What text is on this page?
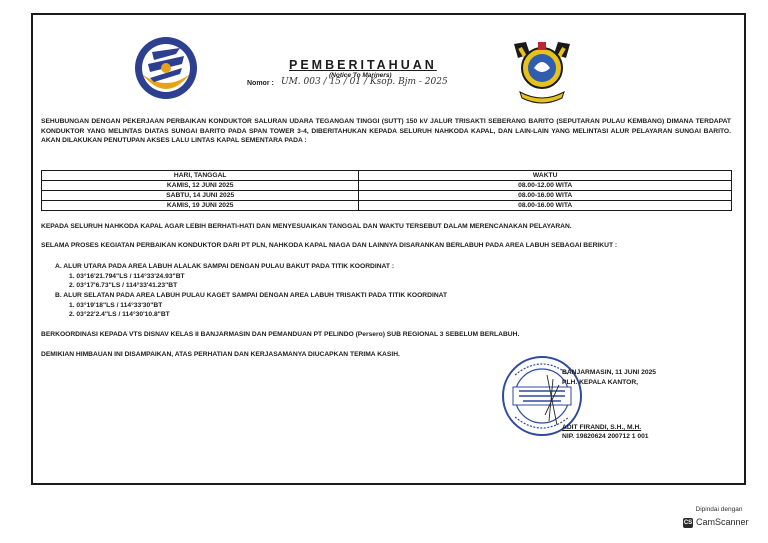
PEMBERITAHUAN
(Notice To Mariners)
Nomor : UM. 003 / 15 / 01 / Ksop. Bjm - 2025
SEHUBUNGAN DENGAN PEKERJAAN PERBAIKAN KONDUKTOR SALURAN UDARA TEGANGAN TINGGI (SUTT) 150 kV JALUR TRISAKTI SEBERANG BARITO (SEPUTARAN PULAU KEMBANG) DIMANA TERDAPAT KONDUKTOR YANG MELINTAS DIATAS SUNGAI BARITO PADA SPAN TOWER 3-4, DIBERITAHUKAN KEPADA SELURUH NAHKODA KAPAL, DAN LAIN-LAIN YANG MELINTASI ALUR PELAYARAN SUNGAI BARITO. AKAN DILAKUKAN PENUTUPAN AKSES LALU LINTAS KAPAL SEMENTARA PADA :
HARI, TANGGAL	WAKTU
KAMIS, 12 JUNI 2025	08.00-12.00 WITA
SABTU, 14 JUNI 2025	08.00-16.00 WITA
KAMIS, 19 JUNI 2025	08.00-16.00 WITA
KEPADA SELURUH NAHKODA KAPAL AGAR LEBIH BERHATI-HATI DAN MENYESUAIKAN TANGGAL DAN WAKTU TERSEBUT DALAM MERENCANAKAN PELAYARAN.
SELAMA PROSES KEGIATAN PERBAIKAN KONDUKTOR DARI PT PLN, NAHKODA KAPAL NIAGA DAN LAINNYA DISARANKAN BERLABUH PADA AREA LABUH SEBAGAI BERIKUT :
A. ALUR UTARA PADA AREA LABUH ALALAK SAMPAI DENGAN PULAU BAKUT PADA TITIK KOORDINAT :
1. 03°16'21.794"LS / 114°33'24.93"BT
2. 03°17'6.73"LS / 114°33'41.23"BT
B. ALUR SELATAN PADA AREA LABUH PULAU KAGET SAMPAI DENGAN AREA LABUH TRISAKTI PADA TITIK KOORDINAT
1. 03°19'18"LS / 114°33'30"BT
2. 03°22'2.4"LS / 114°30'10.8"BT
BERKOORDINASI KEPADA VTS DISNAV KELAS II BANJARMASIN DAN PEMANDUAN PT PELINDO (Persero) SUB REGIONAL 3 SEBELUM BERLABUH.
DEMIKIAN HIMBAUAN INI DISAMPAIKAN, ATAS PERHATIAN DAN KERJASAMANYA DIUCAPKAN TERIMA KASIH.
BANJARMASIN, 11 JUNI 2025
PLH. KEPALA KANTOR,
ADIT FIRANDI, S.H., M.H.
NIP. 19820624 200712 1 001
Dipindai dengan
CS CamScanner
